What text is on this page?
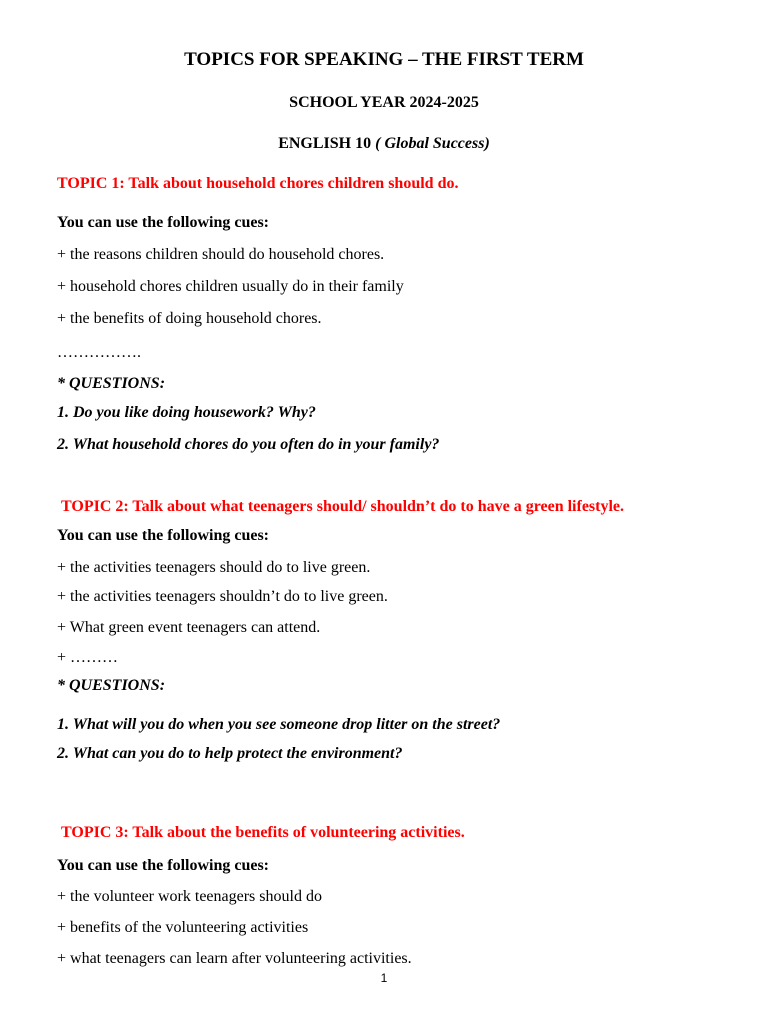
TOPICS FOR SPEAKING – THE FIRST TERM
SCHOOL YEAR 2024-2025
ENGLISH 10 ( Global Success)
TOPIC 1: Talk about household chores children should do.
You can use the following cues:
+ the reasons children should do household chores.
+ household chores children usually do in their family
+ the benefits of doing household chores.
…………….
* QUESTIONS:
1. Do you like doing housework? Why?
2. What household chores do you often do in your family?
TOPIC 2: Talk about what teenagers should/ shouldn’t do to have a green lifestyle.
You can use the following cues:
+ the activities teenagers should do to live green.
+ the activities teenagers shouldn’t do to live green.
+ What green event teenagers can attend.
+ ………
* QUESTIONS:
1. What will you do when you see someone drop litter on the street?
2. What can you do to help protect the environment?
TOPIC 3: Talk about the benefits of volunteering activities.
You can use the following cues:
+ the volunteer work teenagers should do
+ benefits of the volunteering activities
+ what teenagers can learn after volunteering activities.
1
